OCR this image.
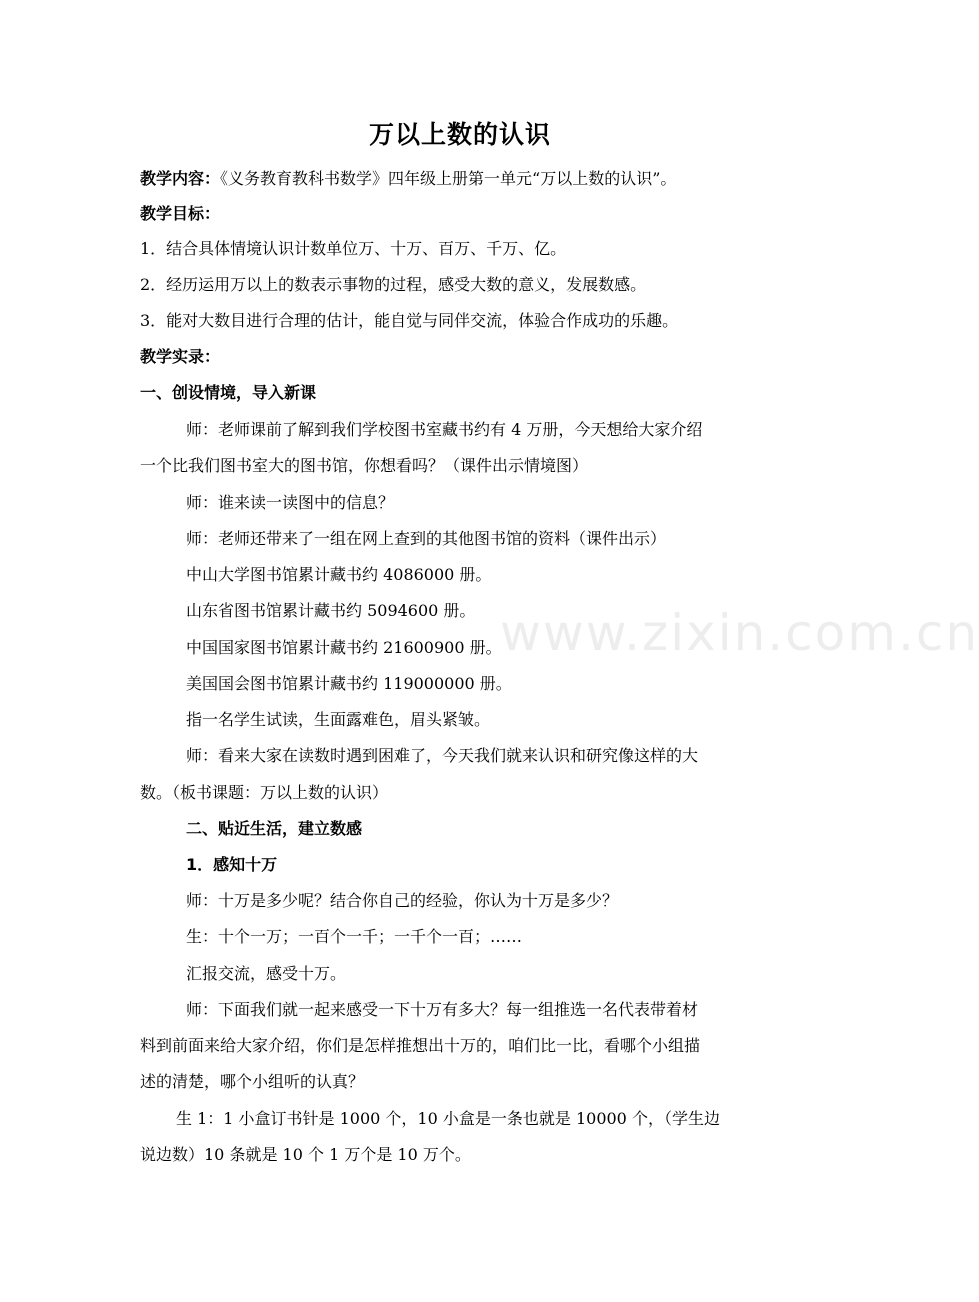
www.zixin.com.cn
万以上数的认识
教学内容：《义务教育教科书数学》四年级上册第一单元“万以上数的认识”。
教学目标：
1．结合具体情境认识计数单位万、十万、百万、千万、亿。
2．经历运用万以上的数表示事物的过程，感受大数的意义，发展数感。
3．能对大数目进行合理的估计，能自觉与同伴交流，体验合作成功的乐趣。
教学实录：
一、创设情境，导入新课
师：老师课前了解到我们学校图书室藏书约有 4 万册，今天想给大家介绍
一个比我们图书室大的图书馆，你想看吗？（课件出示情境图）
师：谁来读一读图中的信息？
师：老师还带来了一组在网上查到的其他图书馆的资料（课件出示）
中山大学图书馆累计藏书约 4086000 册。
山东省图书馆累计藏书约 5094600 册。
中国国家图书馆累计藏书约 21600900 册。
美国国会图书馆累计藏书约 119000000 册。
指一名学生试读，生面露难色，眉头紧皱。
师：看来大家在读数时遇到困难了，今天我们就来认识和研究像这样的大
数。（板书课题：万以上数的认识）
二、贴近生活，建立数感
1．感知十万
师：十万是多少呢？结合你自己的经验，你认为十万是多少？
生：十个一万；一百个一千；一千个一百；……
汇报交流，感受十万。
师：下面我们就一起来感受一下十万有多大？每一组推选一名代表带着材
料到前面来给大家介绍，你们是怎样推想出十万的，咱们比一比，看哪个小组描
述的清楚，哪个小组听的认真？
生 1：1 小盒订书针是 1000 个，10 小盒是一条也就是 10000 个，（学生边
说边数）10 条就是 10 个 1 万个是 10 万个。
